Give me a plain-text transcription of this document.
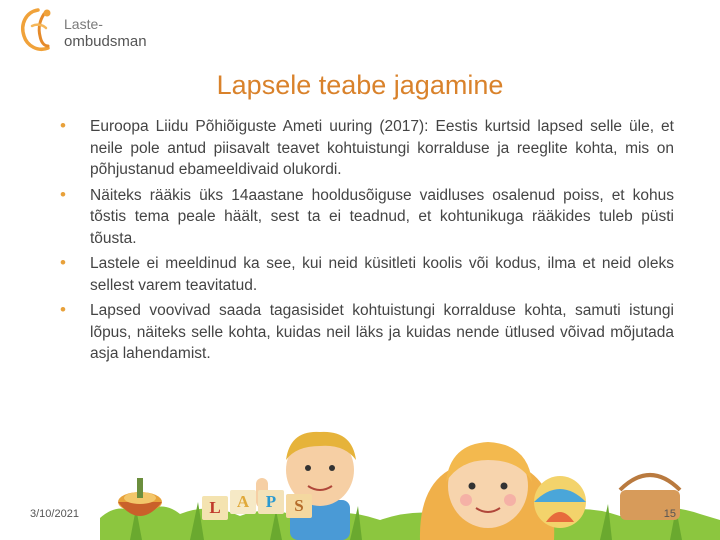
Laste-
ombudsman
Lapsele teabe jagamine
• Euroopa Liidu Põhiõiguste Ameti uuring (2017): Eestis kurtsid lapsed selle üle, et neile pole antud piisavalt teavet kohtuistungi korralduse ja reeglite kohta, mis on põhjustanud ebameeldivaid olukordi.
• Näiteks rääkis üks 14aastane hooldusõiguse vaidluses osalenud poiss, et kohus tõstis tema peale häält, sest ta ei teadnud, et kohtunikuga rääkides tuleb püsti tõusta.
• Lastele ei meeldinud ka see, kui neid küsitleti koolis või kodus, ilma et neid oleks sellest varem teavitatud.
• Lapsed voovivad saada tagasisidet kohtuistungi korralduse kohta, samuti istungi lõpus, näiteks selle kohta, kuidas neil läks ja kuidas nende ütlused võivad mõjutada asja lahendamist.
L A P	S
3/10/2021	15
